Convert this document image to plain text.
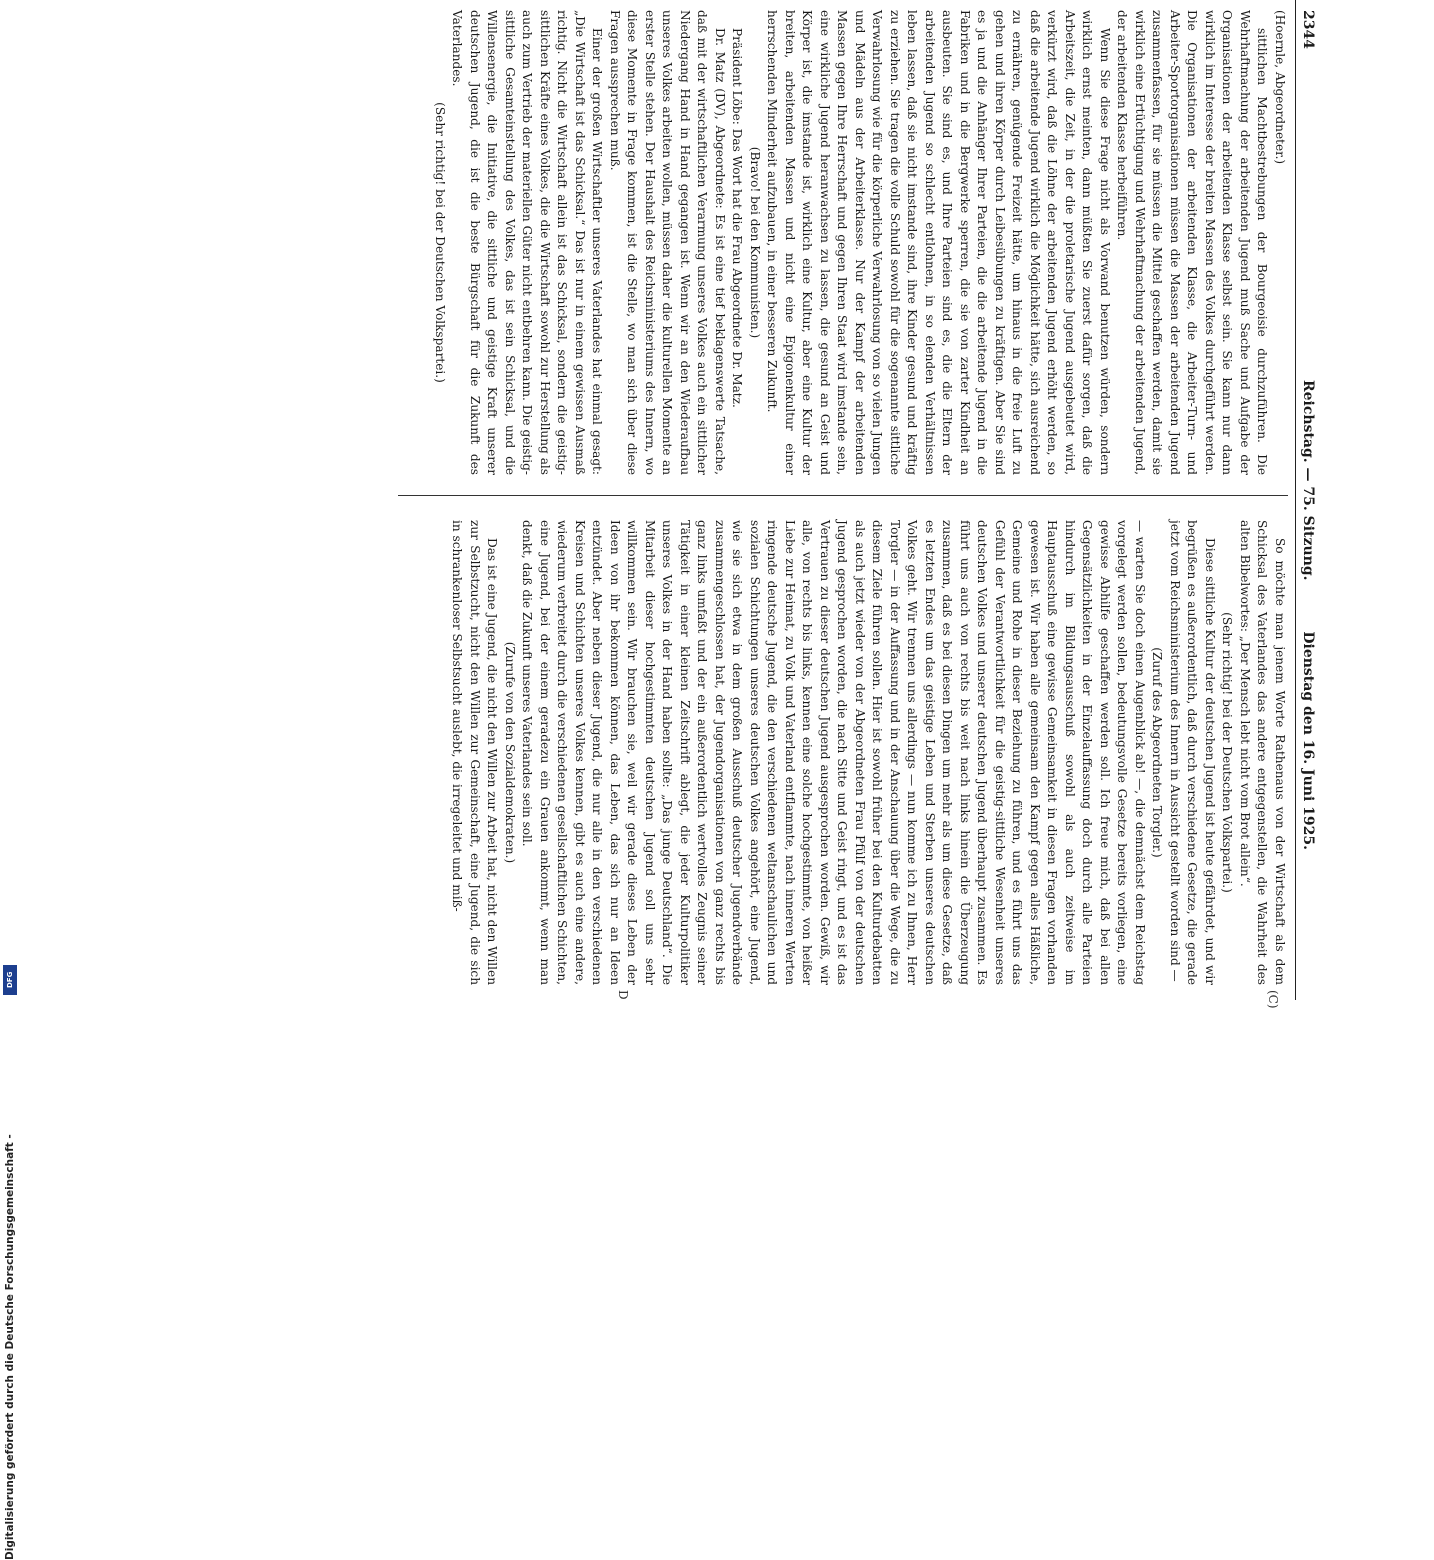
2344
Reichstag. — 75. Sitzung.
Dienstag den 16. Juni 1925.
(C)
D

(Hoernle, Abgeordneter.)

sittlichen Machtbestrebungen der Bourgeoisie durchzuführen. Die Wehrhaftmachung der arbeitenden Jugend muß Sache und Aufgabe der Organisationen der arbeitenden Klasse selbst sein. Sie kann nur dann wirklich im Interesse der breiten Massen des Volkes durchgeführt werden. Die Organisationen der arbeitenden Klasse, die Arbeiter-Turn- und Arbeiter-Sportorganisationen müssen die Massen der arbeitenden Jugend zusammenfassen, für sie müssen die Mittel geschaffen werden, damit sie wirklich eine Ertüchtigung und Wehrhaftmachung der arbeitenden Jugend, der arbeitenden Klasse herbeiführen.

Wenn Sie diese Frage nicht als Vorwand benutzen würden, sondern wirklich ernst meinten, dann müßten Sie zuerst dafür sorgen, daß die Arbeitszeit, die Zeit, in der die proletarische Jugend ausgebeutet wird, verkürzt wird, daß die Löhne der arbeitenden Jugend erhöht werden, so daß die arbeitende Jugend wirklich die Möglichkeit hätte, sich ausreichend zu ernähren, genügende Freizeit hätte, um hinaus in die freie Luft zu gehen und ihren Körper durch Leibesübungen zu kräftigen. Aber Sie sind es ja und die Anhänger Ihrer Parteien, die die arbeitende Jugend in die Fabriken und in die Bergwerke sperren, die sie von zarter Kindheit an ausbeuten. Sie sind es, und Ihre Parteien sind es, die die Eltern der arbeitenden Jugend so schlecht entlohnen, in so elenden Verhältnissen leben lassen, daß sie nicht imstande sind, ihre Kinder gesund und kräftig zu erziehen. Sie tragen die volle Schuld sowohl für die sogenannte sittliche Verwahrlosung wie für die körperliche Verwahrlosung von so vielen Jungen und Mädeln aus der Arbeiterklasse. Nur der Kampf der arbeitenden Massen gegen Ihre Herrschaft und gegen Ihren Staat wird imstande sein, eine wirkliche Jugend heranwachsen zu lassen, die gesund an Geist und Körper ist, die imstande ist, wirklich eine Kultur, aber eine Kultur der breiten, arbeitenden Massen und nicht eine Epigonenkultur einer herrschenden Minderheit aufzubauen, in einer besseren Zukunft.

(Bravo! bei den Kommunisten.)

Präsident Löbe: Das Wort hat die Frau Abgeordnete Dr. Matz.

Dr. Matz (DV), Abgeordnete: Es ist eine tief beklagenswerte Tatsache, daß mit der wirtschaftlichen Verarmung unseres Volkes auch ein sittlicher Niedergang Hand in Hand gegangen ist. Wenn wir an den Wiederaufbau unseres Volkes arbeiten wollen, müssen daher die kulturellen Momente an erster Stelle stehen. Der Haushalt des Reichsministeriums des Innern, wo diese Momente in Frage kommen, ist die Stelle, wo man sich über diese Fragen aussprechen muß.

Einer der großen Wirtschaftler unseres Vaterlandes hat einmal gesagt: „Die Wirtschaft ist das Schicksal.“ Das ist nur in einem gewissen Ausmaß richtig. Nicht die Wirtschaft allein ist das Schicksal, sondern die geistig-sittlichen Kräfte eines Volkes, die die Wirtschaft sowohl zur Herstellung als auch zum Vertrieb der materiellen Güter nicht entbehren kann. Die geistig-sittliche Gesamteinstellung des Volkes, das ist sein Schicksal, und die Willensenergie, die Initiative, die sittliche und geistige Kraft unserer deutschen Jugend, die ist die beste Bürgschaft für die Zukunft des Vaterlandes.

(Sehr richtig! bei der Deutschen Volkspartei.)

So möchte man jenem Worte Rathenaus von der Wirtschaft als dem Schicksal des Vaterlandes das andere entgegenstellen, die Wahrheit des alten Bibelwortes: „Der Mensch lebt nicht vom Brot allein“.

(Sehr richtig! bei der Deutschen Volkspartei.)

Diese sittliche Kultur der deutschen Jugend ist heute gefährdet, und wir begrüßen es außerordentlich, daß durch verschiedene Gesetze, die gerade jetzt vom Reichsministerium des Innern in Aussicht gestellt worden sind —

(Zuruf des Abgeordneten Torgler.)

— warten Sie doch einen Augenblick ab! —, die demnächst dem Reichstag vorgelegt werden sollen, bedeutungsvolle Gesetze bereits vorliegen, eine gewisse Abhilfe geschaffen werden soll. Ich freue mich, daß bei allen Gegensätzlichkeiten in der Einzelauffassung doch durch alle Parteien hindurch im Bildungsausschuß sowohl als auch zeitweise im Hauptausschuß eine gewisse Gemeinsamkeit in diesen Fragen vorhanden gewesen ist. Wir haben alle gemeinsam den Kampf gegen alles Häßliche, Gemeine und Rohe in dieser Beziehung zu führen, und es führt uns das Gefühl der Verantwortlichkeit für die geistig-sittliche Wesenheit unseres deutschen Volkes und unserer deutschen Jugend überhaupt zusammen. Es führt uns auch von rechts bis weit nach links hinein die Überzeugung zusammen, daß es bei diesen Dingen um mehr als um diese Gesetze, daß es letzten Endes um das geistige Leben und Sterben unseres deutschen Volkes geht. Wir trennen uns allerdings — nun komme ich zu Ihnen, Herr Torgler — in der Auffassung und in der Anschauung über die Wege, die zu diesem Ziele führen sollen. Hier ist sowohl früher bei den Kulturdebatten als auch jetzt wieder von der Abgeordneten Frau Pfülf von der deutschen Jugend gesprochen worden, die nach Sitte und Geist ringt, und es ist das Vertrauen zu dieser deutschen Jugend ausgesprochen worden. Gewiß, wir alle, von rechts bis links, kennen eine solche hochgestimmte, von heißer Liebe zur Heimat, zu Volk und Vaterland entflammte, nach inneren Werten ringende deutsche Jugend, die den verschiedenen weltanschaulichen und sozialen Schichtungen unseres deutschen Volkes angehört, eine Jugend, wie sie sich etwa in dem großen Ausschuß deutscher Jugendverbände zusammengeschlossen hat, der Jugendorganisationen von ganz rechts bis ganz links umfaßt und der ein außerordentlich wertvolles Zeugnis seiner Tätigkeit in einer kleinen Zeitschrift ablegt, die jeder Kulturpolitiker unseres Volkes in der Hand haben sollte: „Das junge Deutschland“. Die Mitarbeit dieser hochgestimmten deutschen Jugend soll uns sehr willkommen sein. Wir brauchen sie, weil wir gerade dieses Leben der Ideen von ihr bekommen können, das Leben, das sich nur an Ideen entzündet. Aber neben dieser Jugend, die nur alle in den verschiedenen Kreisen und Schichten unseres Volkes kennen, gibt es auch eine andere, wiederum verbreitet durch die verschiedenen gesellschaftlichen Schichten, eine Jugend, bei der einem geradezu ein Grauen ankommt, wenn man denkt, daß die Zukunft unseres Vaterlandes sein soll.

(Zurufe von den Sozialdemokraten.)

Das ist eine Jugend, die nicht den Willen zur Arbeit hat, nicht den Willen zur Selbstzucht, nicht den Willen zur Gemeinschaft, eine Jugend, die sich in schrankenloser Selbstsucht auslebt, die irregeleitet und miß-

Digitalisierung gefördert durch die Deutsche Forschungsgemeinschaft -
DFG
